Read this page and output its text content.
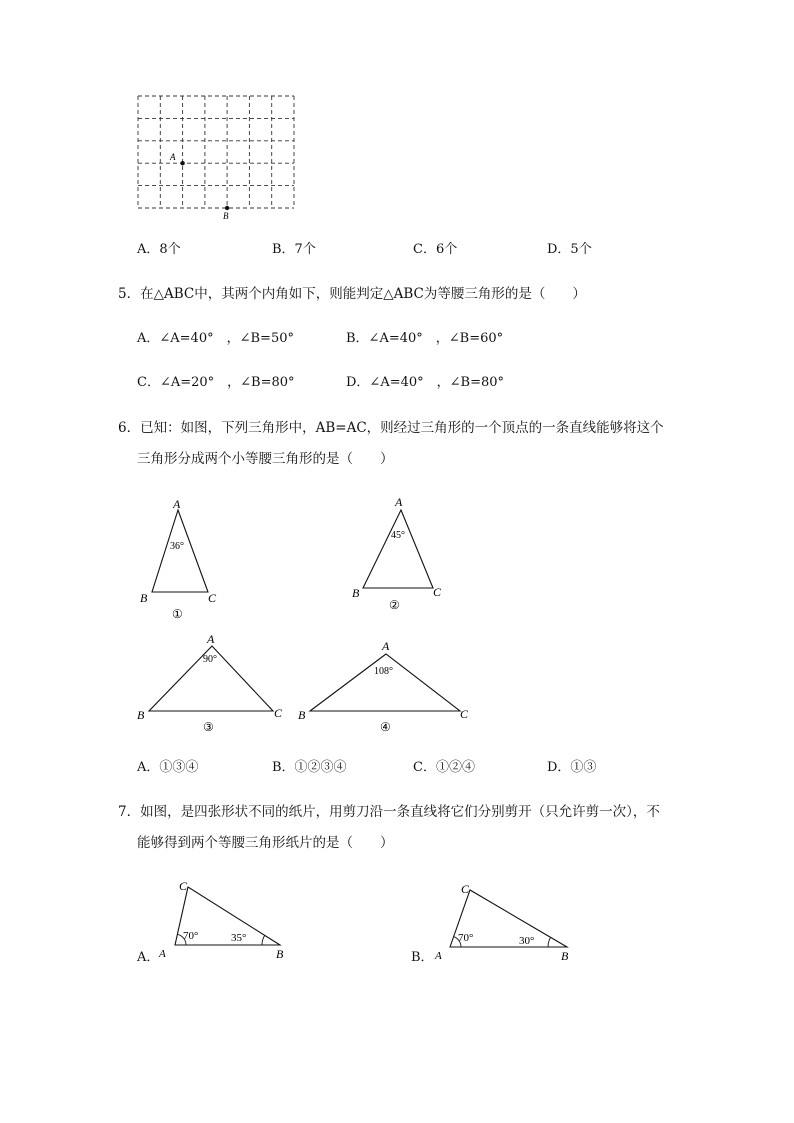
A
B
A．8个	B．7个	C．6个	D．5个
5．在△ABC中，其两个内角如下，则能判定△ABC为等腰三角形的是（　　）
A．∠A=40°　，∠B=50°	B．∠A=40°　，∠B=60°
C．∠A=20°　，∠B=80°	D．∠A=40°　，∠B=80°
6．已知：如图，下列三角形中，AB=AC，则经过三角形的一个顶点的一条直线能够将这个
三角形分成两个小等腰三角形的是（　　）
A
B	C
36°
①
A
B	C
45°
②
A
B	C
90°
③
A
B	C
108°
④
A．①③④	B．①②③④	C．①②④	D．①③
7．如图，是四张形状不同的纸片，用剪刀沿一条直线将它们分别剪开（只允许剪一次），不
能够得到两个等腰三角形纸片的是（　　）
A．
C
A	B
70°	35°
B．
C
A	B
70°	30°
